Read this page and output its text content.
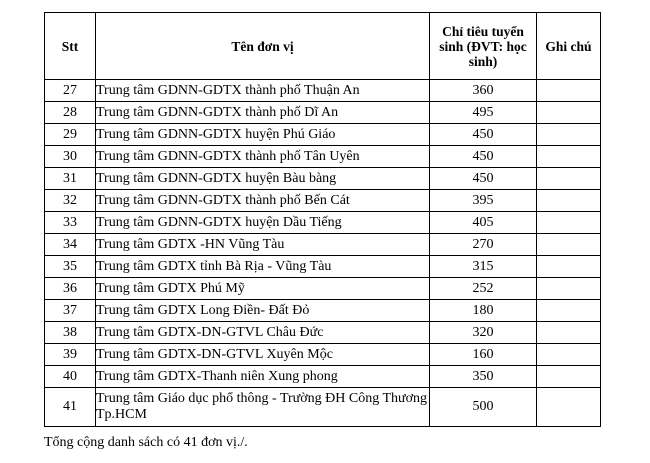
Stt	Tên đơn vị	Chỉ tiêu tuyển sinh (ĐVT: học sinh)	Ghi chú
27	Trung tâm GDNN-GDTX thành phố Thuận An	360	
28	Trung tâm GDNN-GDTX thành phố Dĩ An	495	
29	Trung tâm GDNN-GDTX huyện Phú Giáo	450	
30	Trung tâm GDNN-GDTX thành phố Tân Uyên	450	
31	Trung tâm GDNN-GDTX huyện Bàu bàng	450	
32	Trung tâm GDNN-GDTX thành phố Bến Cát	395	
33	Trung tâm GDNN-GDTX huyện Dầu Tiếng	405	
34	Trung tâm GDTX -HN Vũng Tàu	270	
35	Trung tâm GDTX tỉnh Bà Rịa - Vũng Tàu	315	
36	Trung tâm GDTX Phú Mỹ	252	
37	Trung tâm GDTX Long Điền- Đất Đỏ	180	
38	Trung tâm GDTX-DN-GTVL Châu Đức	320	
39	Trung tâm GDTX-DN-GTVL Xuyên Mộc	160	
40	Trung tâm GDTX-Thanh niên Xung phong	350	
41	Trung tâm Giáo dục phổ thông - Trường ĐH Công Thương Tp.HCM	500	
Tổng cộng danh sách có 41 đơn vị./.
